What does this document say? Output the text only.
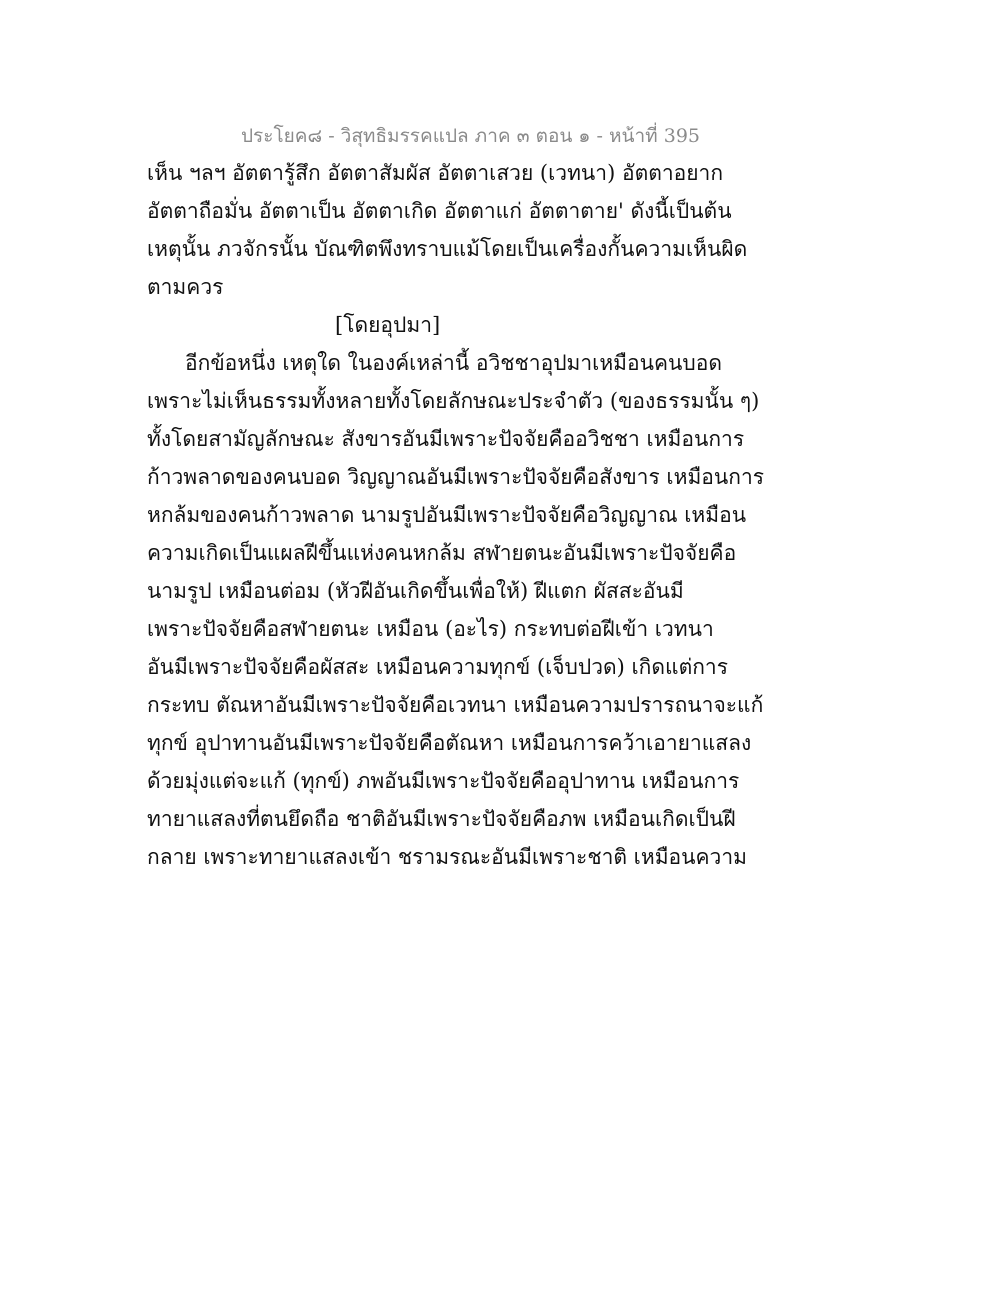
ประโยค๘ - วิสุทธิมรรคแปล ภาค ๓ ตอน ๑ - หน้าที่ 395
เห็น ฯลฯ อัตตารู้สึก อัตตาสัมผัส อัตตาเสวย (เวทนา) อัตตาอยาก
อัตตาถือมั่น อัตตาเป็น อัตตาเกิด อัตตาแก่ อัตตาตาย' ดังนี้เป็นต้น
เหตุนั้น ภวจักรนั้น บัณฑิตพึงทราบแม้โดยเป็นเครื่องกั้นความเห็นผิด
ตามควร
[โดยอุปมา]
อีกข้อหนึ่ง เหตุใด ในองค์เหล่านี้ อวิชชาอุปมาเหมือนคนบอด
เพราะไม่เห็นธรรมทั้งหลายทั้งโดยลักษณะประจำตัว (ของธรรมนั้น ๆ)
ทั้งโดยสามัญลักษณะ สังขารอันมีเพราะปัจจัยคืออวิชชา เหมือนการ
ก้าวพลาดของคนบอด วิญญาณอันมีเพราะปัจจัยคือสังขาร เหมือนการ
หกล้มของคนก้าวพลาด นามรูปอันมีเพราะปัจจัยคือวิญญาณ เหมือน
ความเกิดเป็นแผลฝีขึ้นแห่งคนหกล้ม สฬายตนะอันมีเพราะปัจจัยคือ
นามรูป เหมือนต่อม (หัวฝีอันเกิดขึ้นเพื่อให้) ฝีแตก ผัสสะอันมี
เพราะปัจจัยคือสฬายตนะ เหมือน (อะไร) กระทบต่อฝีเข้า เวทนา
อันมีเพราะปัจจัยคือผัสสะ เหมือนความทุกข์ (เจ็บปวด) เกิดแต่การ
กระทบ ตัณหาอันมีเพราะปัจจัยคือเวทนา เหมือนความปรารถนาจะแก้
ทุกข์ อุปาทานอันมีเพราะปัจจัยคือตัณหา เหมือนการคว้าเอายาแสลง
ด้วยมุ่งแต่จะแก้ (ทุกข์) ภพอันมีเพราะปัจจัยคืออุปาทาน เหมือนการ
ทายาแสลงที่ตนยึดถือ ชาติอันมีเพราะปัจจัยคือภพ เหมือนเกิดเป็นฝี
กลาย เพราะทายาแสลงเข้า ชรามรณะอันมีเพราะชาติ เหมือนความ
